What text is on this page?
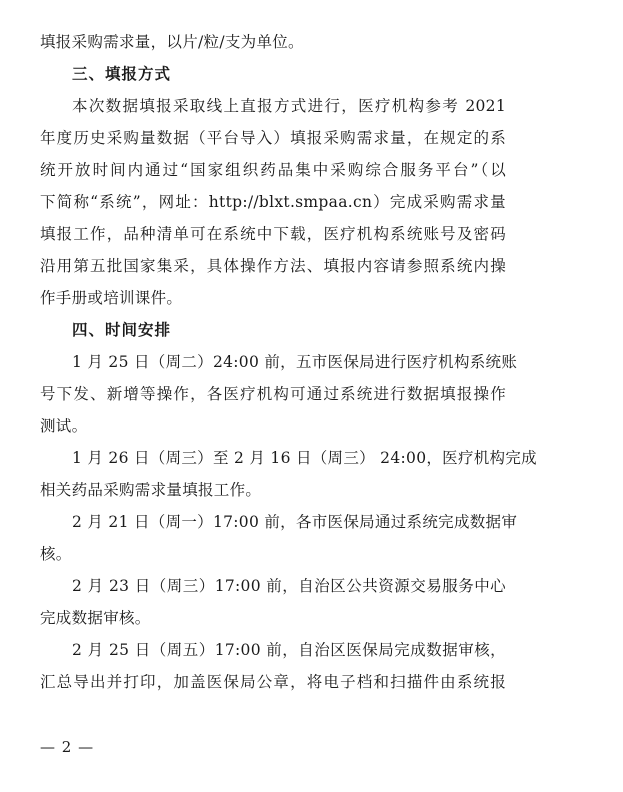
填报采购需求量，以片/粒/支为单位。
三、填报方式
本次数据填报采取线上直报方式进行，医疗机构参考 2021
年度历史采购量数据（平台导入）填报采购需求量，在规定的系
统开放时间内通过“国家组织药品集中采购综合服务平台”（以
下简称“系统”，网址：http://blxt.smpaa.cn）完成采购需求量
填报工作，品种清单可在系统中下载，医疗机构系统账号及密码
沿用第五批国家集采，具体操作方法、填报内容请参照系统内操
作手册或培训课件。
四、时间安排
1 月 25 日（周二）24:00 前，五市医保局进行医疗机构系统账
号下发、新增等操作，各医疗机构可通过系统进行数据填报操作
测试。
1 月 26 日（周三）至 2 月 16 日（周三） 24:00，医疗机构完成
相关药品采购需求量填报工作。
2 月 21 日（周一）17:00 前，各市医保局通过系统完成数据审
核。
2 月 23 日（周三）17:00 前，自治区公共资源交易服务中心
完成数据审核。
2 月 25 日（周五）17:00 前，自治区医保局完成数据审核，
汇总导出并打印，加盖医保局公章，将电子档和扫描件由系统报
— 2 —
